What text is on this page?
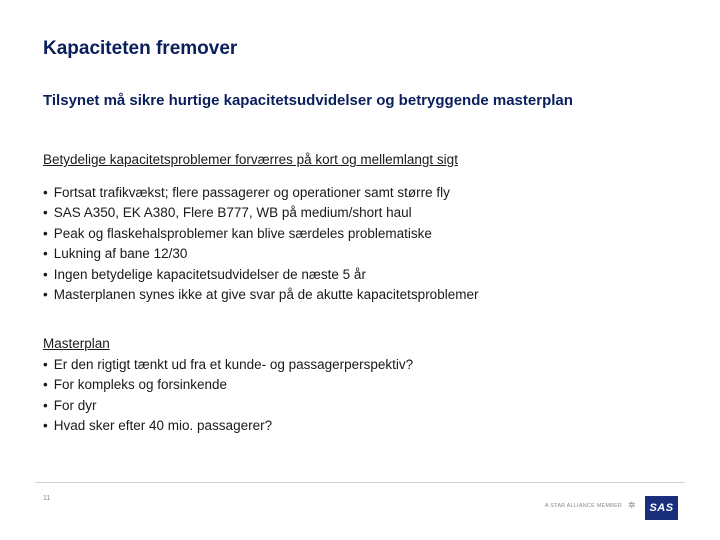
Kapaciteten fremover
Tilsynet må sikre hurtige kapacitetsudvidelser og betryggende masterplan
Betydelige kapacitetsproblemer forværres på kort og mellemlangt sigt
• Fortsat trafikvækst; flere passagerer og operationer samt større fly
• SAS A350, EK A380, Flere B777, WB på medium/short haul
• Peak og flaskehalsproblemer kan blive særdeles problematiske
• Lukning af bane 12/30
• Ingen betydelige kapacitetsudvidelser de næste 5 år
• Masterplanen synes ikke at give svar på de akutte kapacitetsproblemer
Masterplan
• Er den rigtigt tænkt ud fra et kunde- og passagerperspektiv?
• For kompleks og forsinkende
• For dyr
• Hvad sker efter 40 mio. passagerer?
11
A STAR ALLIANCE MEMBER ✲	SAS
